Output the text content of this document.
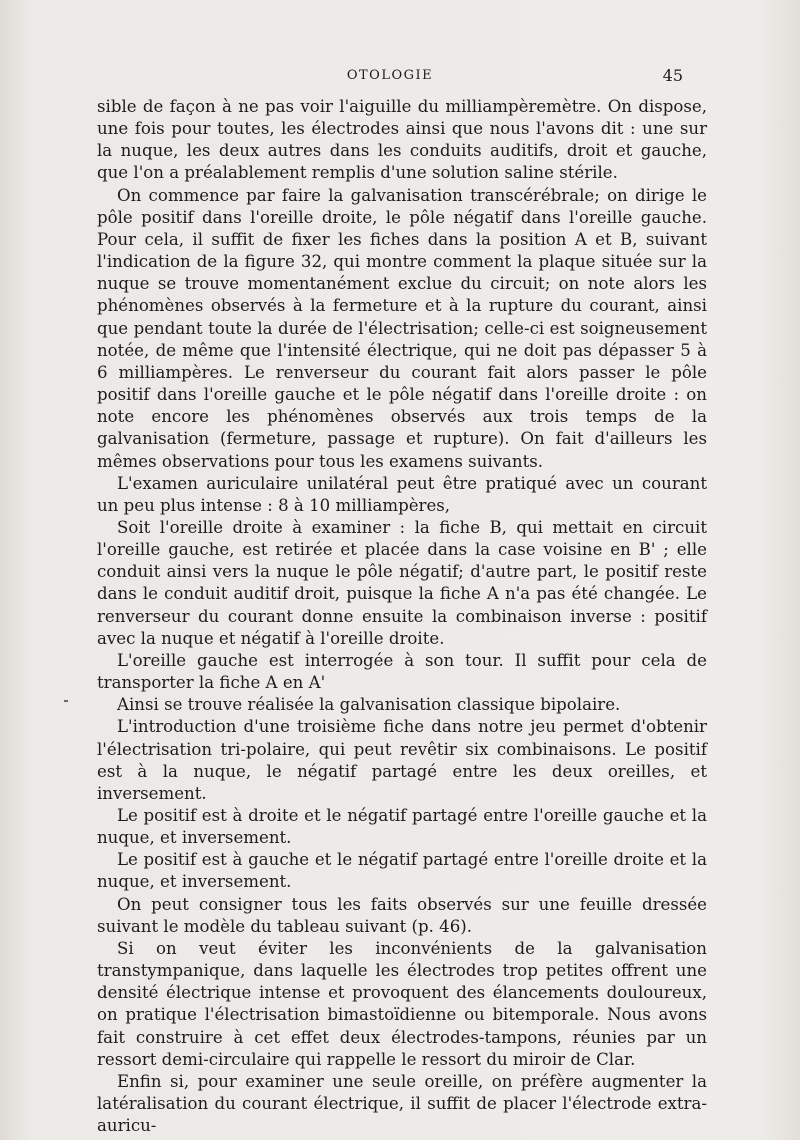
OTOLOGIE	45

sible de façon à ne pas voir l'aiguille du milliampèremètre. On dispose, une fois pour toutes, les électrodes ainsi que nous l'avons dit : une sur la nuque, les deux autres dans les conduits auditifs, droit et gauche, que l'on a préalablement remplis d'une solution saline stérile.

On commence par faire la galvanisation transcérébrale; on dirige le pôle positif dans l'oreille droite, le pôle négatif dans l'oreille gauche. Pour cela, il suffit de fixer les fiches dans la position A et B, suivant l'indication de la figure 32, qui montre comment la plaque située sur la nuque se trouve momentanément exclue du circuit; on note alors les phénomènes observés à la fermeture et à la rupture du courant, ainsi que pendant toute la durée de l'électrisation; celle-ci est soigneusement notée, de même que l'intensité électrique, qui ne doit pas dépasser 5 à 6 milliampères. Le renverseur du courant fait alors passer le pôle positif dans l'oreille gauche et le pôle négatif dans l'oreille droite : on note encore les phénomènes observés aux trois temps de la galvanisation (fermeture, passage et rupture). On fait d'ailleurs les mêmes observations pour tous les examens suivants.

L'examen auriculaire unilatéral peut être pratiqué avec un courant un peu plus intense : 8 à 10 milliampères,

Soit l'oreille droite à examiner : la fiche B, qui mettait en circuit l'oreille gauche, est retirée et placée dans la case voisine en B' ; elle conduit ainsi vers la nuque le pôle négatif; d'autre part, le positif reste dans le conduit auditif droit, puisque la fiche A n'a pas été changée. Le renverseur du courant donne ensuite la combinaison inverse : positif avec la nuque et négatif à l'oreille droite.

L'oreille gauche est interrogée à son tour. Il suffit pour cela de transporter la fiche A en A'

Ainsi se trouve réalisée la galvanisation classique bipolaire.

L'introduction d'une troisième fiche dans notre jeu permet d'obtenir l'électrisation tri-polaire, qui peut revêtir six combinaisons. Le positif est à la nuque, le négatif partagé entre les deux oreilles, et inversement.

Le positif est à droite et le négatif partagé entre l'oreille gauche et la nuque, et inversement.

Le positif est à gauche et le négatif partagé entre l'oreille droite et la nuque, et inversement.

On peut consigner tous les faits observés sur une feuille dressée suivant le modèle du tableau suivant (p. 46).

Si on veut éviter les inconvénients de la galvanisation transtympanique, dans laquelle les électrodes trop petites offrent une densité électrique intense et provoquent des élancements douloureux, on pratique l'électrisation bimastoïdienne ou bitemporale. Nous avons fait construire à cet effet deux électrodes-tampons, réunies par un ressort demi-circulaire qui rappelle le ressort du miroir de Clar.

Enfin si, pour examiner une seule oreille, on préfère augmenter la latéralisation du courant électrique, il suffit de placer l'électrode extra-auricu-
